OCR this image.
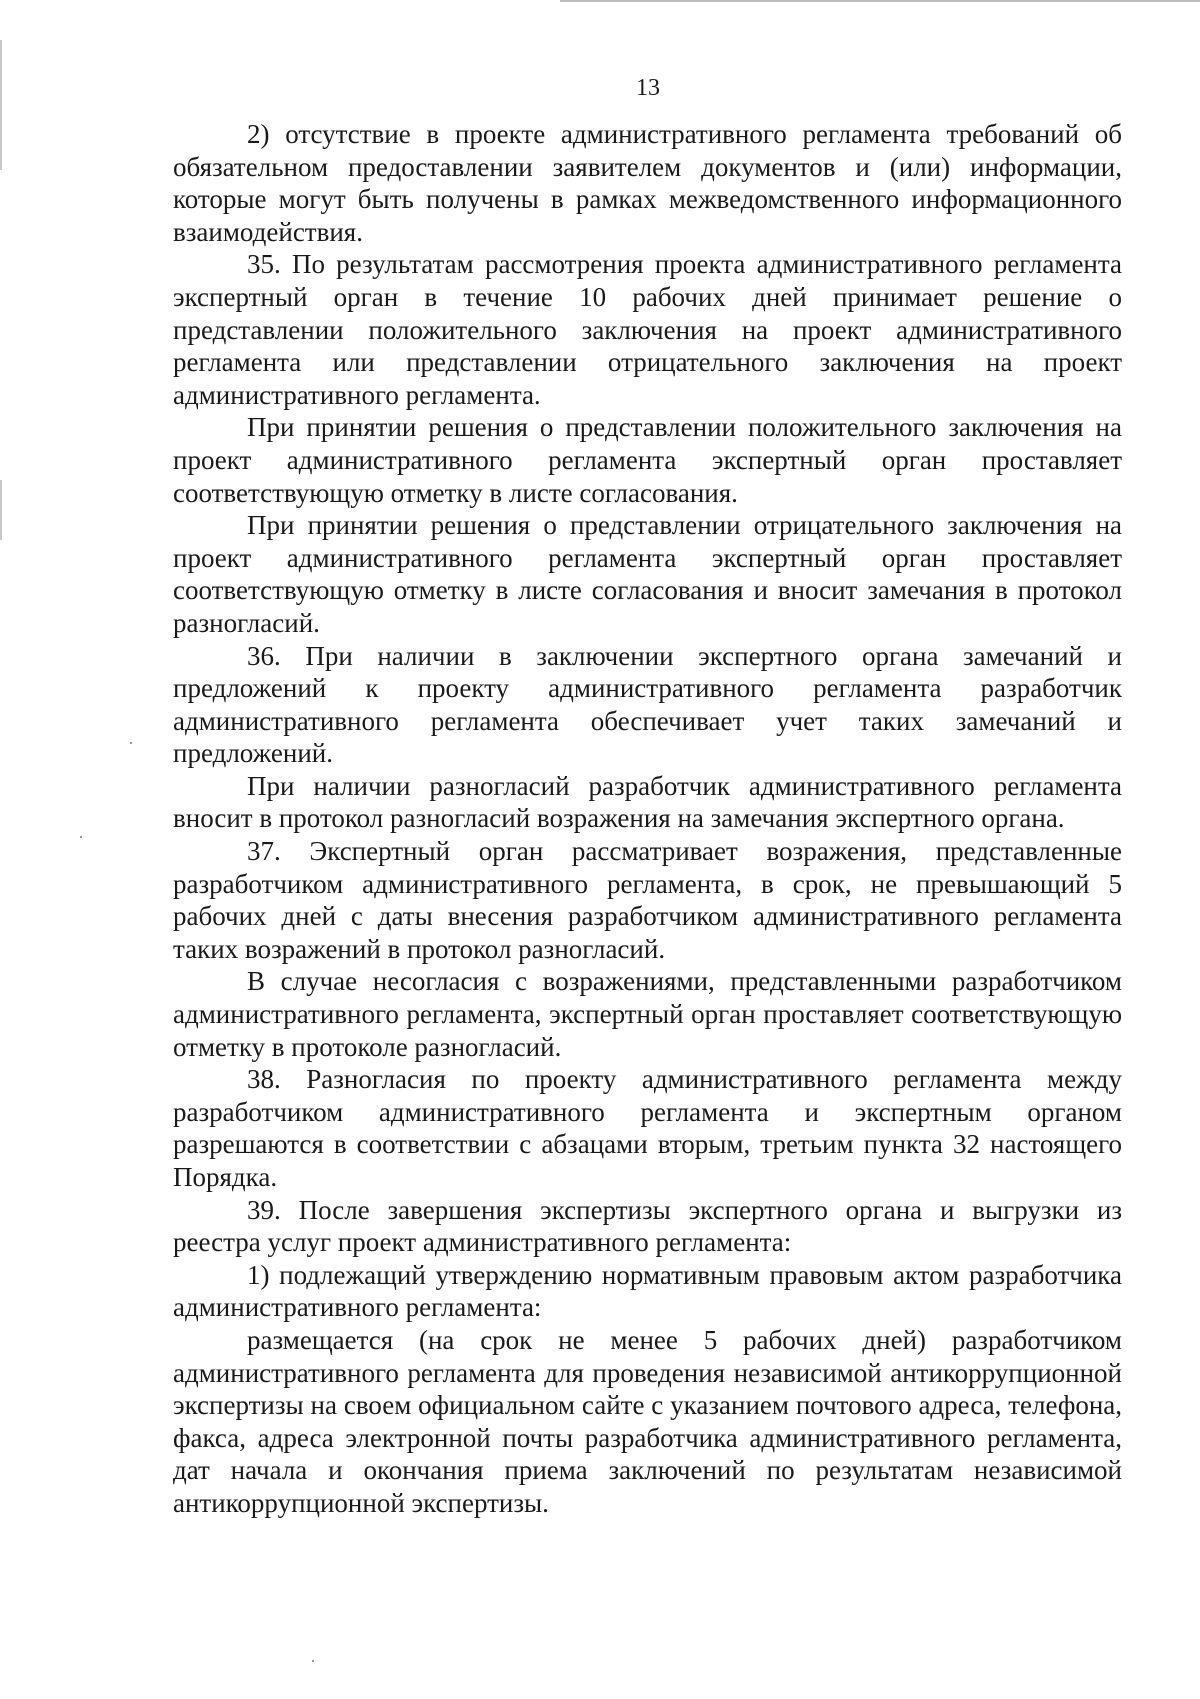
13

2) отсутствие в проекте административного регламента требований об обязательном предоставлении заявителем документов и (или) информации, которые могут быть получены в рамках межведомственного информационного взаимодействия.

35. По результатам рассмотрения проекта административного регламента экспертный орган в течение 10 рабочих дней принимает решение о представлении положительного заключения на проект административного регламента или представлении отрицательного заключения на проект административного регламента.

При принятии решения о представлении положительного заключения на проект административного регламента экспертный орган проставляет соответствующую отметку в листе согласования.

При принятии решения о представлении отрицательного заключения на проект административного регламента экспертный орган проставляет соответствующую отметку в листе согласования и вносит замечания в протокол разногласий.

36. При наличии в заключении экспертного органа замечаний и предложений к проекту административного регламента разработчик административного регламента обеспечивает учет таких замечаний и предложений.

При наличии разногласий разработчик административного регламента вносит в протокол разногласий возражения на замечания экспертного органа.

37. Экспертный орган рассматривает возражения, представленные разработчиком административного регламента, в срок, не превышающий 5 рабочих дней с даты внесения разработчиком административного регламента таких возражений в протокол разногласий.

В случае несогласия с возражениями, представленными разработчиком административного регламента, экспертный орган проставляет соответствующую отметку в протоколе разногласий.

38. Разногласия по проекту административного регламента между разработчиком административного регламента и экспертным органом разрешаются в соответствии с абзацами вторым, третьим пункта 32 настоящего Порядка.

39. После завершения экспертизы экспертного органа и выгрузки из реестра услуг проект административного регламента:

1) подлежащий утверждению нормативным правовым актом разработчика административного регламента:

размещается (на срок не менее 5 рабочих дней) разработчиком административного регламента для проведения независимой антикоррупционной экспертизы на своем официальном сайте с указанием почтового адреса, телефона, факса, адреса электронной почты разработчика административного регламента, дат начала и окончания приема заключений по результатам независимой антикоррупционной экспертизы.
